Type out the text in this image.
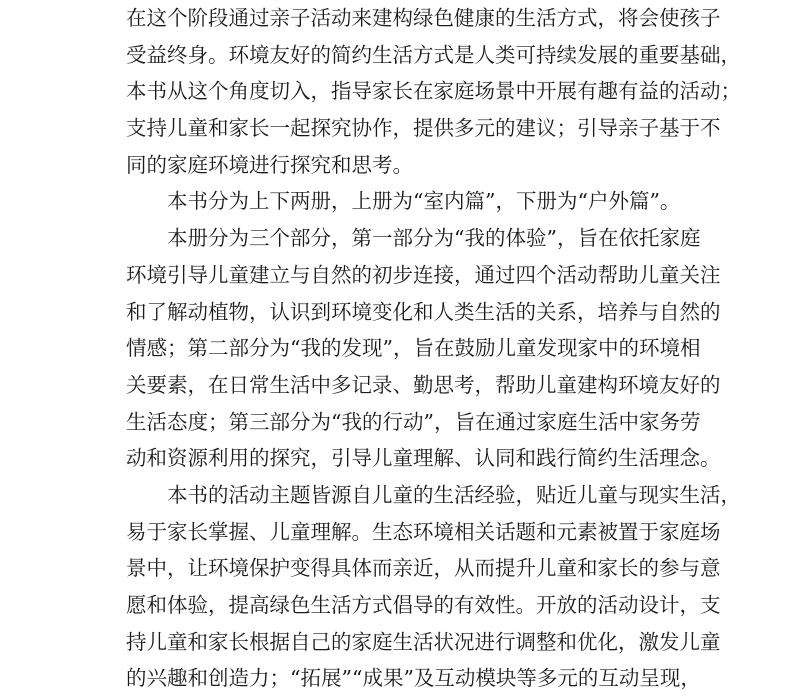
在这个阶段通过亲子活动来建构绿色健康的生活方式，将会使孩子
受益终身。环境友好的简约生活方式是人类可持续发展的重要基础，
本书从这个角度切入，指导家长在家庭场景中开展有趣有益的活动；
支持儿童和家长一起探究协作，提供多元的建议；引导亲子基于不
同的家庭环境进行探究和思考。

本书分为上下两册，上册为“室内篇”，下册为“户外篇”。

本册分为三个部分，第一部分为“我的体验”，旨在依托家庭
环境引导儿童建立与自然的初步连接，通过四个活动帮助儿童关注
和了解动植物，认识到环境变化和人类生活的关系，培养与自然的
情感；第二部分为“我的发现”，旨在鼓励儿童发现家中的环境相
关要素，在日常生活中多记录、勤思考，帮助儿童建构环境友好的
生活态度；第三部分为“我的行动”，旨在通过家庭生活中家务劳
动和资源利用的探究，引导儿童理解、认同和践行简约生活理念。

本书的活动主题皆源自儿童的生活经验，贴近儿童与现实生活，
易于家长掌握、儿童理解。生态环境相关话题和元素被置于家庭场
景中，让环境保护变得具体而亲近，从而提升儿童和家长的参与意
愿和体验，提高绿色生活方式倡导的有效性。开放的活动设计，支
持儿童和家长根据自己的家庭生活状况进行调整和优化，激发儿童
的兴趣和创造力；“拓展”“成果”及互动模块等多元的互动呈现，
